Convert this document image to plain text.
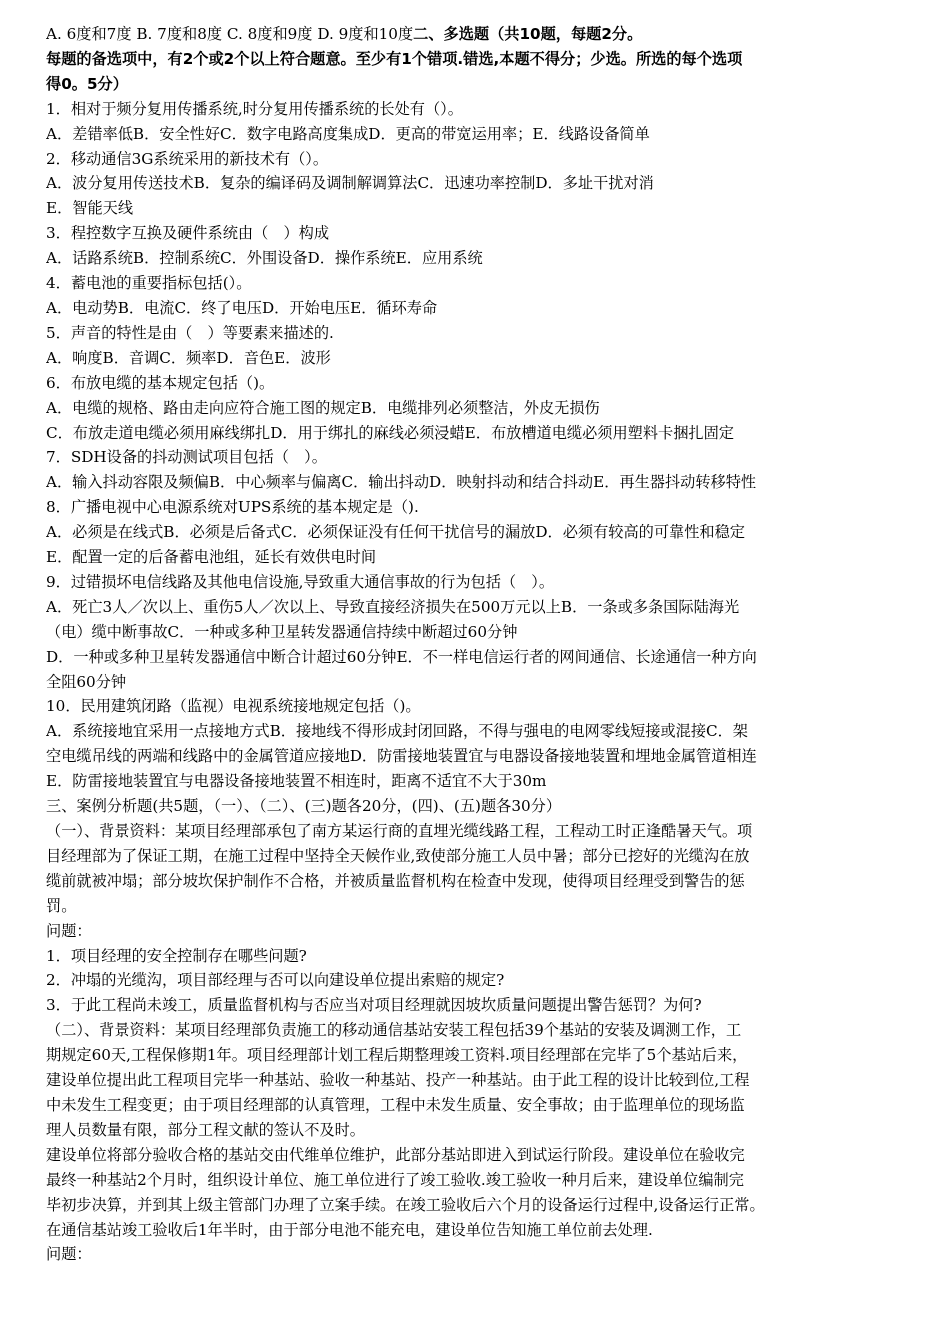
A. 6度和7度 B. 7度和8度 C. 8度和9度 D. 9度和10度二、多选题（共10题，每题2分。
每题的备选项中，有2个或2个以上符合题意。至少有1个错项.错选,本题不得分；少选。所选的每个选项
得0。5分）
1．相对于频分复用传播系统,时分复用传播系统的长处有（）。
A．差错率低B．安全性好C．数字电路高度集成D．更高的带宽运用率；E．线路设备简单
2．移动通信3G系统采用的新技术有（）。
A．波分复用传送技术B．复杂的编译码及调制解调算法C．迅速功率控制D．多址干扰对消
E．智能天线
3．程控数字互换及硬件系统由（　）构成
A．话路系统B．控制系统C．外围设备D．操作系统E．应用系统
4．蓄电池的重要指标包括(）。
A．电动势B．电流C．终了电压D．开始电压E．循环寿命
5．声音的特性是由（　）等要素来描述的.
A．响度B．音调C．频率D．音色E．波形
6．布放电缆的基本规定包括（)。
A．电缆的规格、路由走向应符合施工图的规定B．电缆排列必须整洁，外皮无损伤
C．布放走道电缆必须用麻线绑扎D．用于绑扎的麻线必须浸蜡E．布放槽道电缆必须用塑料卡捆扎固定
7．SDH设备的抖动测试项目包括（　）。
A．输入抖动容限及频偏B．中心频率与偏离C．输出抖动D．映射抖动和结合抖动E．再生器抖动转移特性
8．广播电视中心电源系统对UPS系统的基本规定是（).
A．必须是在线式B．必须是后备式C．必须保证没有任何干扰信号的漏放D．必须有较高的可靠性和稳定
E．配置一定的后备蓄电池组，延长有效供电时间
9．过错损坏电信线路及其他电信设施,导致重大通信事故的行为包括（　）。
A．死亡3人／次以上、重伤5人／次以上、导致直接经济损失在500万元以上B．一条或多条国际陆海光
（电）缆中断事故C．一种或多种卫星转发器通信持续中断超过60分钟
D．一种或多种卫星转发器通信中断合计超过60分钟E．不一样电信运行者的网间通信、长途通信一种方向
全阻60分钟
10．民用建筑闭路（监视）电视系统接地规定包括（)。
A．系统接地宜采用一点接地方式B．接地线不得形成封闭回路，不得与强电的电网零线短接或混接C．架
空电缆吊线的两端和线路中的金属管道应接地D．防雷接地装置宜与电器设备接地装置和埋地金属管道相连
E．防雷接地装置宜与电器设备接地装置不相连时，距离不适宜不大于30m
三、案例分析题(共5题，（一）、（二）、(三)题各20分，(四)、(五)题各30分）
（一）、背景资料：某项目经理部承包了南方某运行商的直埋光缆线路工程，工程动工时正逢酷暑天气。项
目经理部为了保证工期，在施工过程中坚持全天候作业,致使部分施工人员中暑；部分已挖好的光缆沟在放
缆前就被冲塌；部分坡坎保护制作不合格，并被质量监督机构在检查中发现，使得项目经理受到警告的惩
罚。
问题：
1．项目经理的安全控制存在哪些问题?
2．冲塌的光缆沟，项目部经理与否可以向建设单位提出索赔的规定?
3．于此工程尚未竣工，质量监督机构与否应当对项目经理就因坡坎质量问题提出警告惩罚？为何?
（二）、背景资料：某项目经理部负责施工的移动通信基站安装工程包括39个基站的安装及调测工作，工
期规定60天,工程保修期1年。项目经理部计划工程后期整理竣工资料.项目经理部在完毕了5个基站后来，
建设单位提出此工程项目完毕一种基站、验收一种基站、投产一种基站。由于此工程的设计比较到位,工程
中未发生工程变更；由于项目经理部的认真管理，工程中未发生质量、安全事故；由于监理单位的现场监
理人员数量有限，部分工程文献的签认不及时。
建设单位将部分验收合格的基站交由代维单位维护，此部分基站即进入到试运行阶段。建设单位在验收完
最终一种基站2个月时，组织设计单位、施工单位进行了竣工验收.竣工验收一种月后来，建设单位编制完
毕初步决算，并到其上级主管部门办理了立案手续。在竣工验收后六个月的设备运行过程中,设备运行正常。
在通信基站竣工验收后1年半时，由于部分电池不能充电，建设单位告知施工单位前去处理.
问题：
